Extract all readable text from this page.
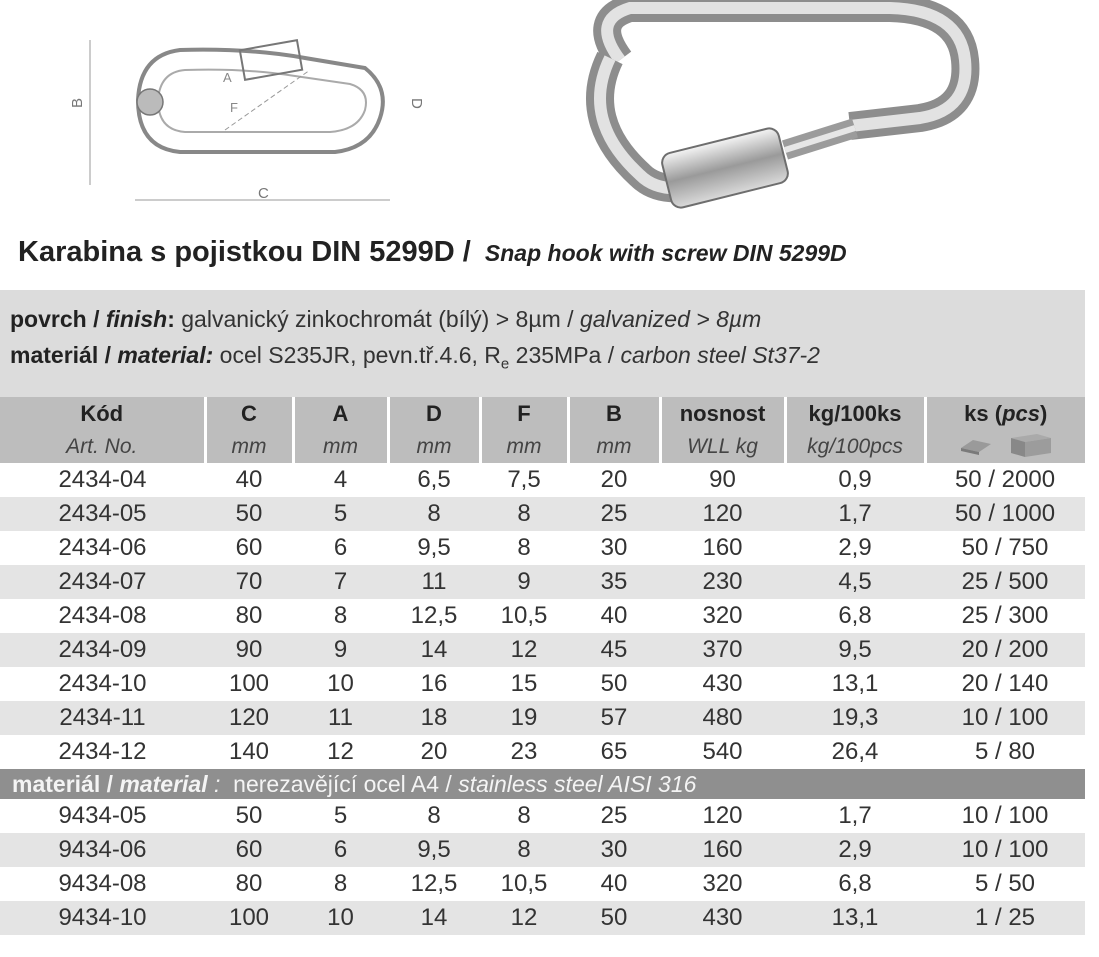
B
C
D
A
F
Karabina s pojistkou DIN 5299D / Snap hook with screw DIN 5299D
povrch / finish: galvanický zinkochromát (bílý) > 8µm / galvanized > 8µm
materiál / material: ocel S235JR, pevn.tř.4.6, $R_e$ 235MPa / carbon steel St37-2
Kód	C	A	D	F	B	nosnost	kg/100ks	ks (pcs)
Art. No.	mm	mm	mm	mm	mm	WLL kg	kg/100pcs	

2434-04	40	4	6,5	7,5	20	90	0,9	50 / 2000
2434-05	50	5	8	8	25	120	1,7	50 / 1000
2434-06	60	6	9,5	8	30	160	2,9	50 / 750
2434-07	70	7	11	9	35	230	4,5	25 / 500
2434-08	80	8	12,5	10,5	40	320	6,8	25 / 300
2434-09	90	9	14	12	45	370	9,5	20 / 200
2434-10	100	10	16	15	50	430	13,1	20 / 140
2434-11	120	11	18	19	57	480	19,3	10 / 100
2434-12	140	12	20	23	65	540	26,4	5 / 80
materiál / material : nerezavějící ocel A4 / stainless steel AISI 316								
9434-05	50	5	8	8	25	120	1,7	10 / 100
9434-06	60	6	9,5	8	30	160	2,9	10 / 100
9434-08	80	8	12,5	10,5	40	320	6,8	5 / 50
9434-10	100	10	14	12	50	430	13,1	1 / 25
